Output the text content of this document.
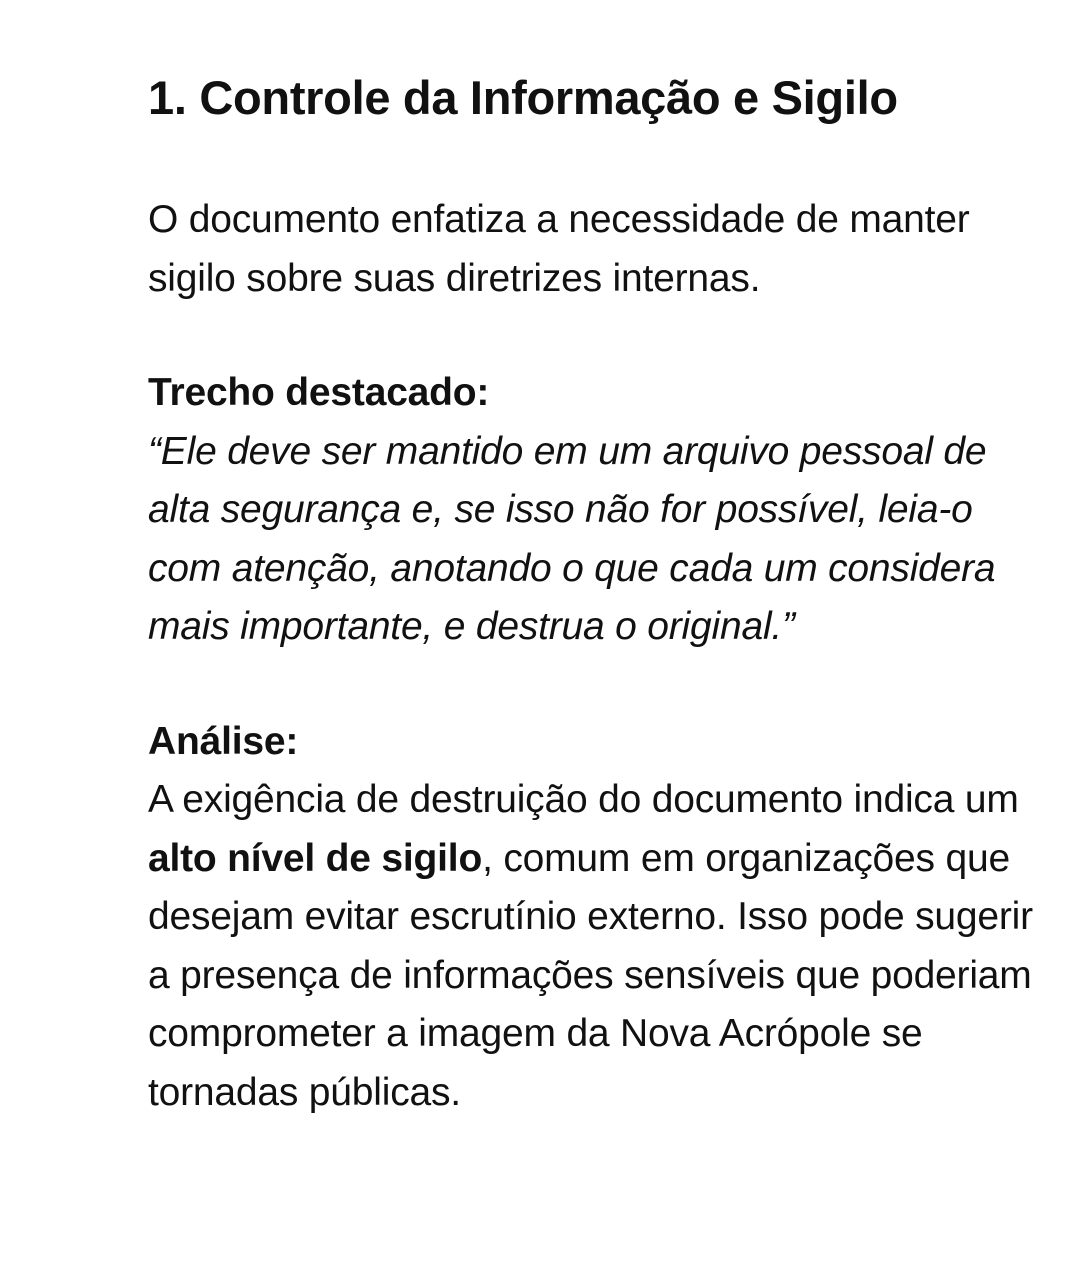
1. Controle da Informação e Sigilo

O documento enfatiza a necessidade de manter sigilo sobre suas diretrizes internas.

Trecho destacado:

“Ele deve ser mantido em um arquivo pessoal de alta segurança e, se isso não for possível, leia-o com atenção, anotando o que cada um considera mais importante, e destrua o original.”

Análise:

A exigência de destruição do documento indica um alto nível de sigilo, comum em organizações que desejam evitar escrutínio externo. Isso pode sugerir a presença de informações sensíveis que poderiam comprometer a imagem da Nova Acrópole se tornadas públicas.
